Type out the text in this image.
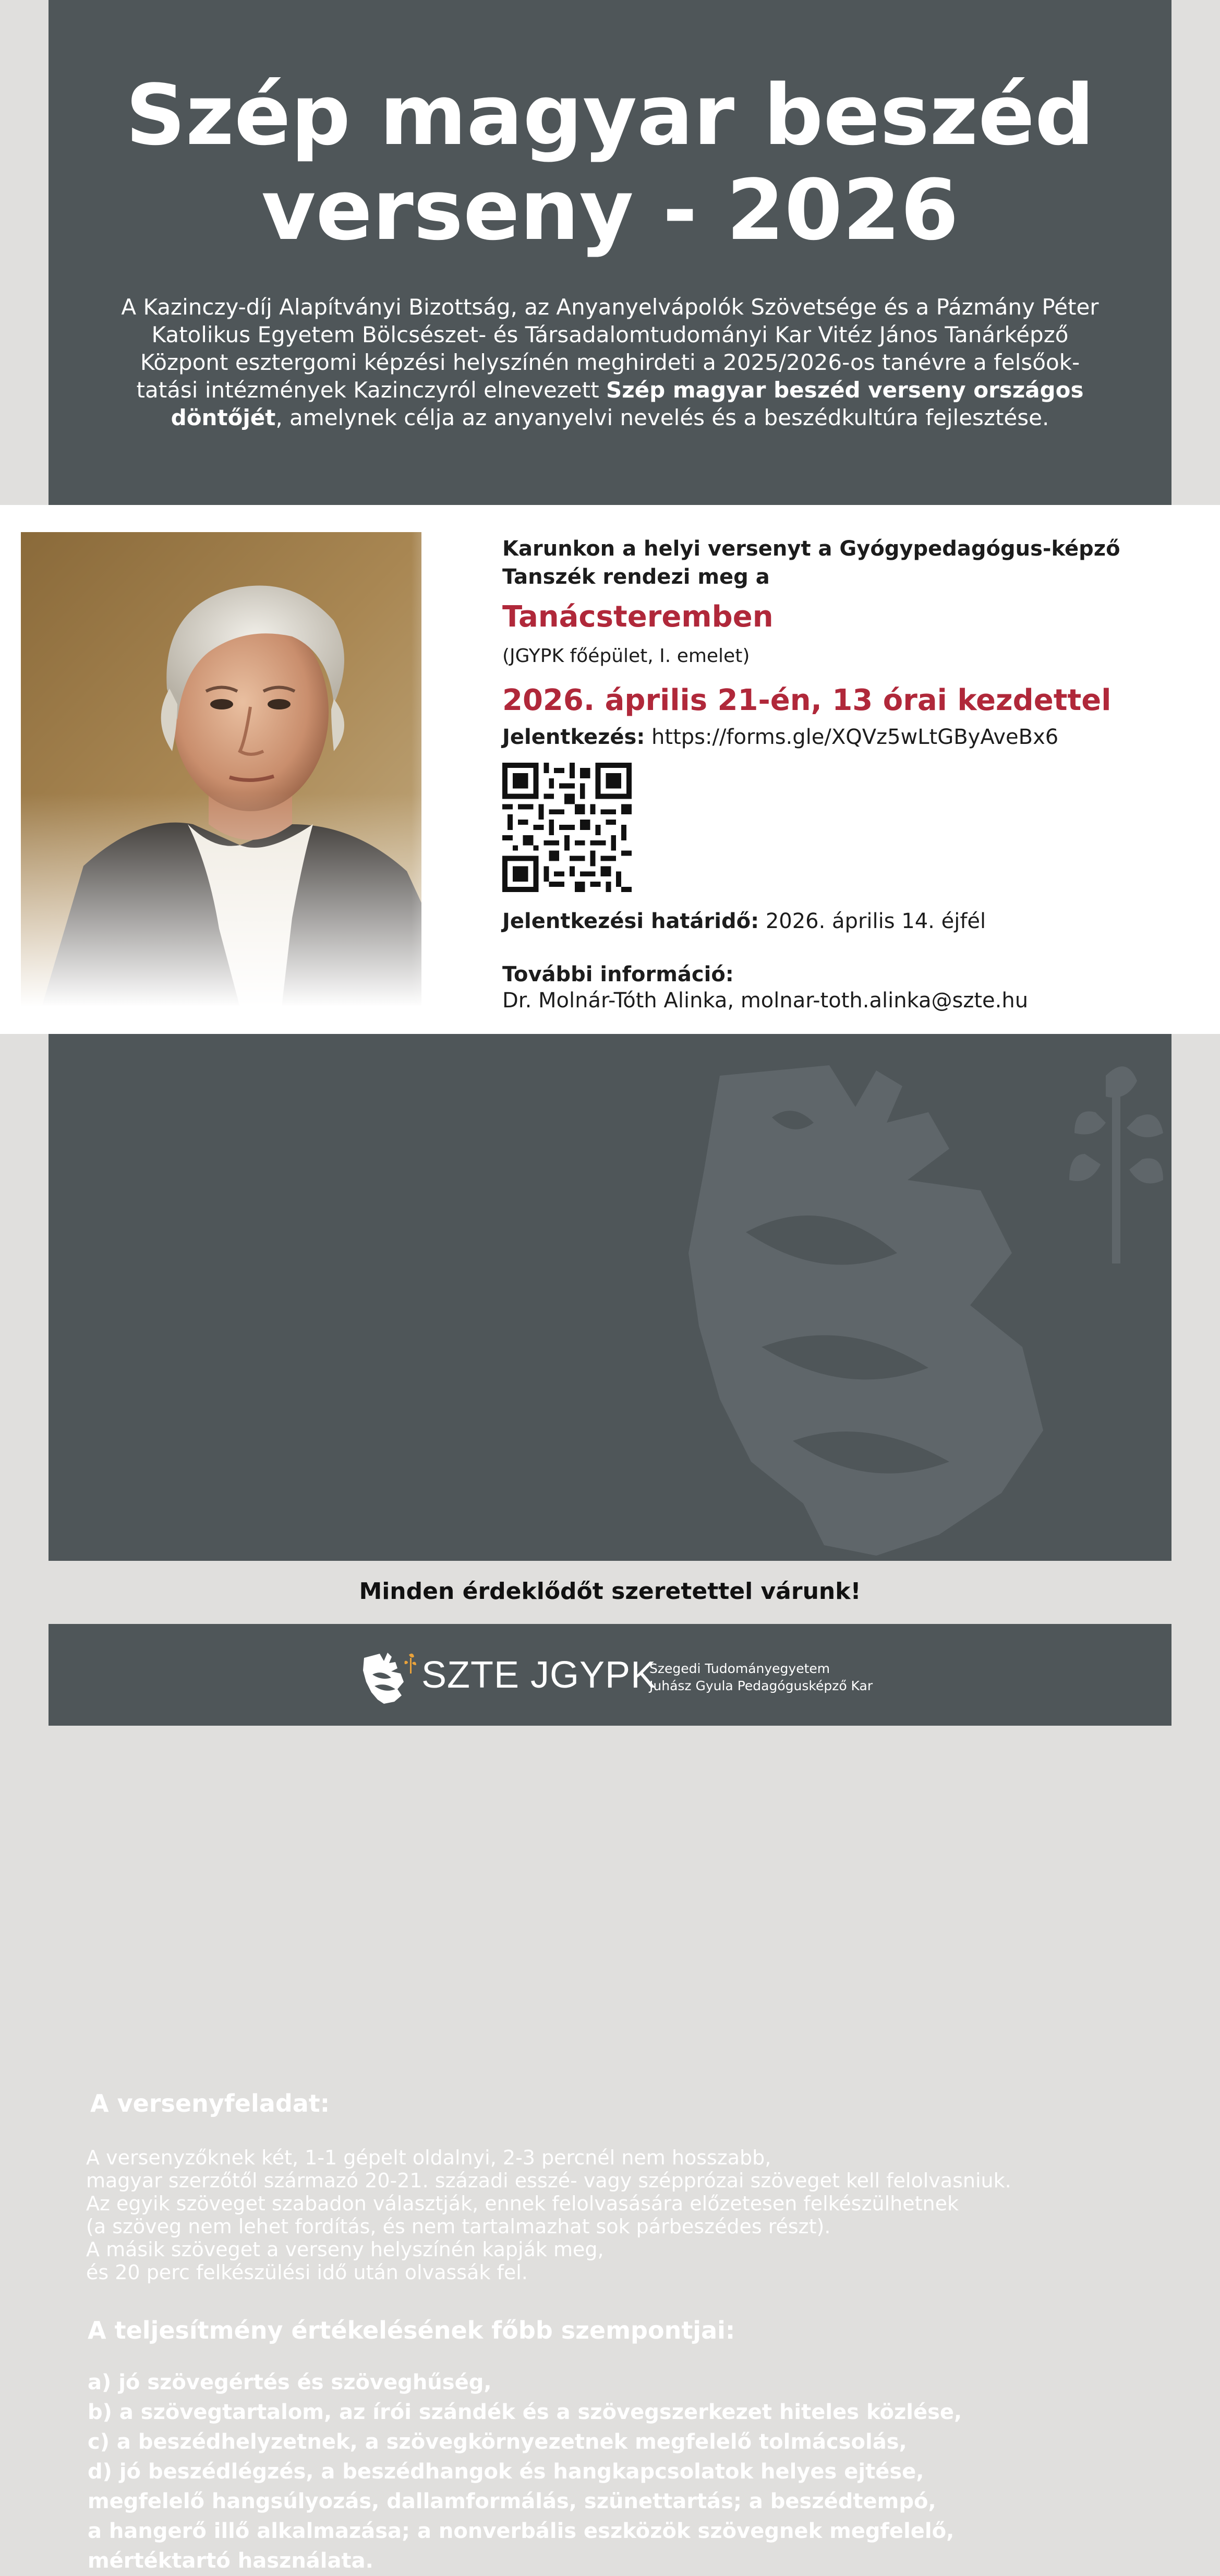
Szép magyar beszéd
verseny - 2026
A Kazinczy-díj Alapítványi Bizottság, az Anyanyelvápolók Szövetsége és a Pázmány Péter
Katolikus Egyetem Bölcsészet- és Társadalomtudományi Kar Vitéz János Tanárképző
Központ esztergomi képzési helyszínén meghirdeti a 2025/2026-os tanévre a felsőok-
tatási intézmények Kazinczyról elnevezett Szép magyar beszéd verseny országos
döntőjét, amelynek célja az anyanyelvi nevelés és a beszédkultúra fejlesztése.
Karunkon a helyi versenyt a Gyógypedagógus-képző Tanszék rendezi meg a
Tanácsteremben
(JGYPK főépület, I. emelet)
2026. április 21-én, 13 órai kezdettel
Jelentkezés: https://forms.gle/XQVz5wLtGByAveBx6
Jelentkezési határidő: 2026. április 14. éjfél
További információ:
Dr. Molnár-Tóth Alinka, molnar-toth.alinka@szte.hu
A versenyfeladat:
A versenyzőknek két, 1-1 gépelt oldalnyi, 2-3 percnél nem hosszabb,
magyar szerzőtől származó 20-21. századi esszé- vagy szépprózai szöveget kell felolvasniuk.
Az egyik szöveget szabadon választják, ennek felolvasására előzetesen felkészülhetnek
(a szöveg nem lehet fordítás, és nem tartalmazhat sok párbeszédes részt).
A másik szöveget a verseny helyszínén kapják meg,
és 20 perc felkészülési idő után olvassák fel.
A teljesítmény értékelésének főbb szempontjai:
a) jó szövegértés és szöveghűség,
b) a szövegtartalom, az írói szándék és a szövegszerkezet hiteles közlése,
c) a beszédhelyzetnek, a szövegkörnyezetnek megfelelő tolmácsolás,
d) jó beszédlégzés, a beszédhangok és hangkapcsolatok helyes ejtése,
megfelelő hangsúlyozás, dallamformálás, szünettartás; a beszédtempó,
a hangerő illő alkalmazása; a nonverbális eszközök szövegnek megfelelő,
mértéktartó használata.
Minden érdeklődőt szeretettel várunk!
SZTE JGYPK
Szegedi Tudományegyetem
Juhász Gyula Pedagógusképző Kar
